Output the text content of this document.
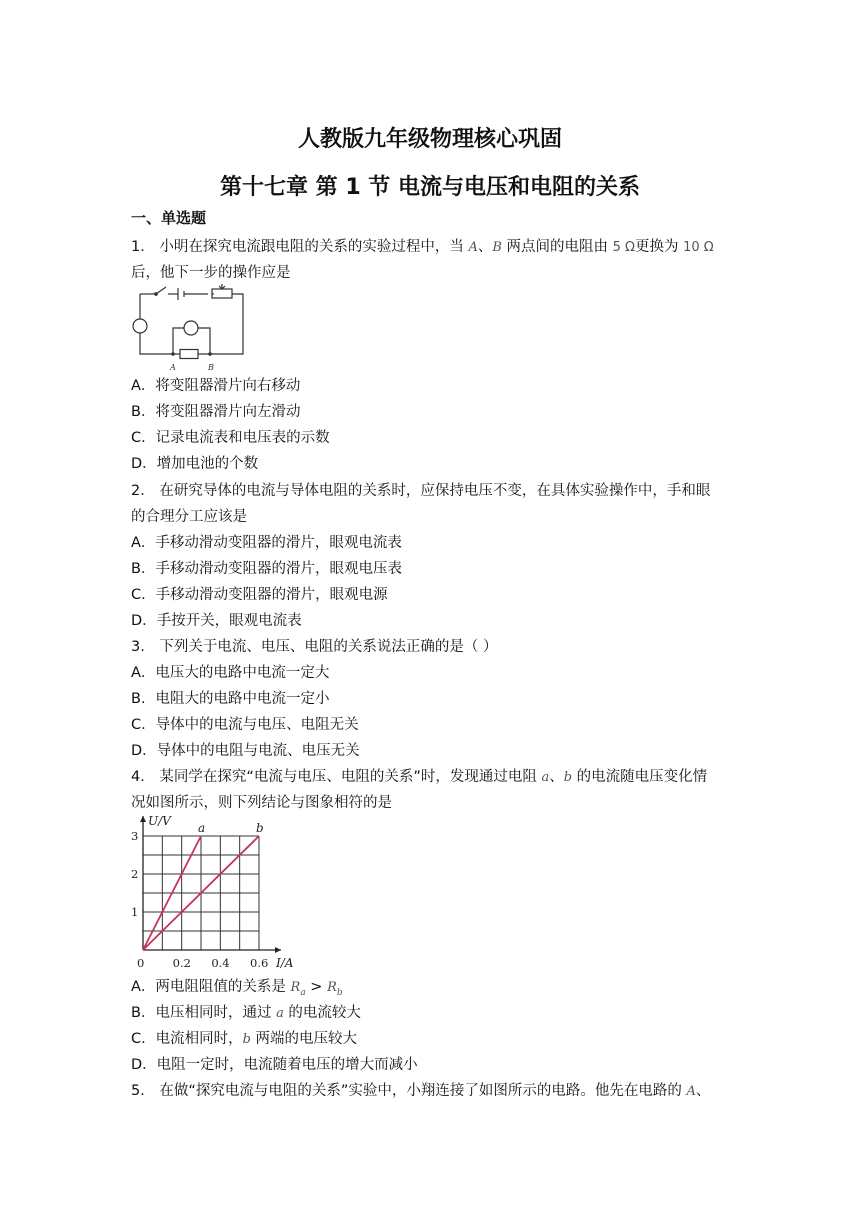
人教版九年级物理核心巩固
第十七章 第 1 节 电流与电压和电阻的关系
一、单选题
1． 小明在探究电流跟电阻的关系的实验过程中，当 A、B 两点间的电阻由 5 Ω更换为 10 Ω
后，他下一步的操作应是
A	B
A．将变阻器滑片向右移动
B．将变阻器滑片向左滑动
C．记录电流表和电压表的示数
D．增加电池的个数
2． 在研究导体的电流与导体电阻的关系时，应保持电压不变，在具体实验操作中，手和眼
的合理分工应该是
A．手移动滑动变阻器的滑片，眼观电流表
B．手移动滑动变阻器的滑片，眼观电压表
C．手移动滑动变阻器的滑片，眼观电源
D．手按开关，眼观电流表
3． 下列关于电流、电压、电阻的关系说法正确的是（ ）
A．电压大的电路中电流一定大
B．电阻大的电路中电流一定小
C．导体中的电流与电压、电阻无关
D．导体中的电阻与电流、电压无关
4． 某同学在探究“电流与电压、电阻的关系”时，发现通过电阻 a、b 的电流随电压变化情
况如图所示，则下列结论与图象相符的是
a	b
0 0.2 0.4 0.6
1
2
3
I/A
U/V
A．两电阻阻值的关系是 $R_a > R_b$
B．电压相同时，通过 a 的电流较大
C．电流相同时，b 两端的电压较大
D．电阻一定时，电流随着电压的增大而减小
5． 在做“探究电流与电阻的关系”实验中，小翔连接了如图所示的电路。他先在电路的 A、
